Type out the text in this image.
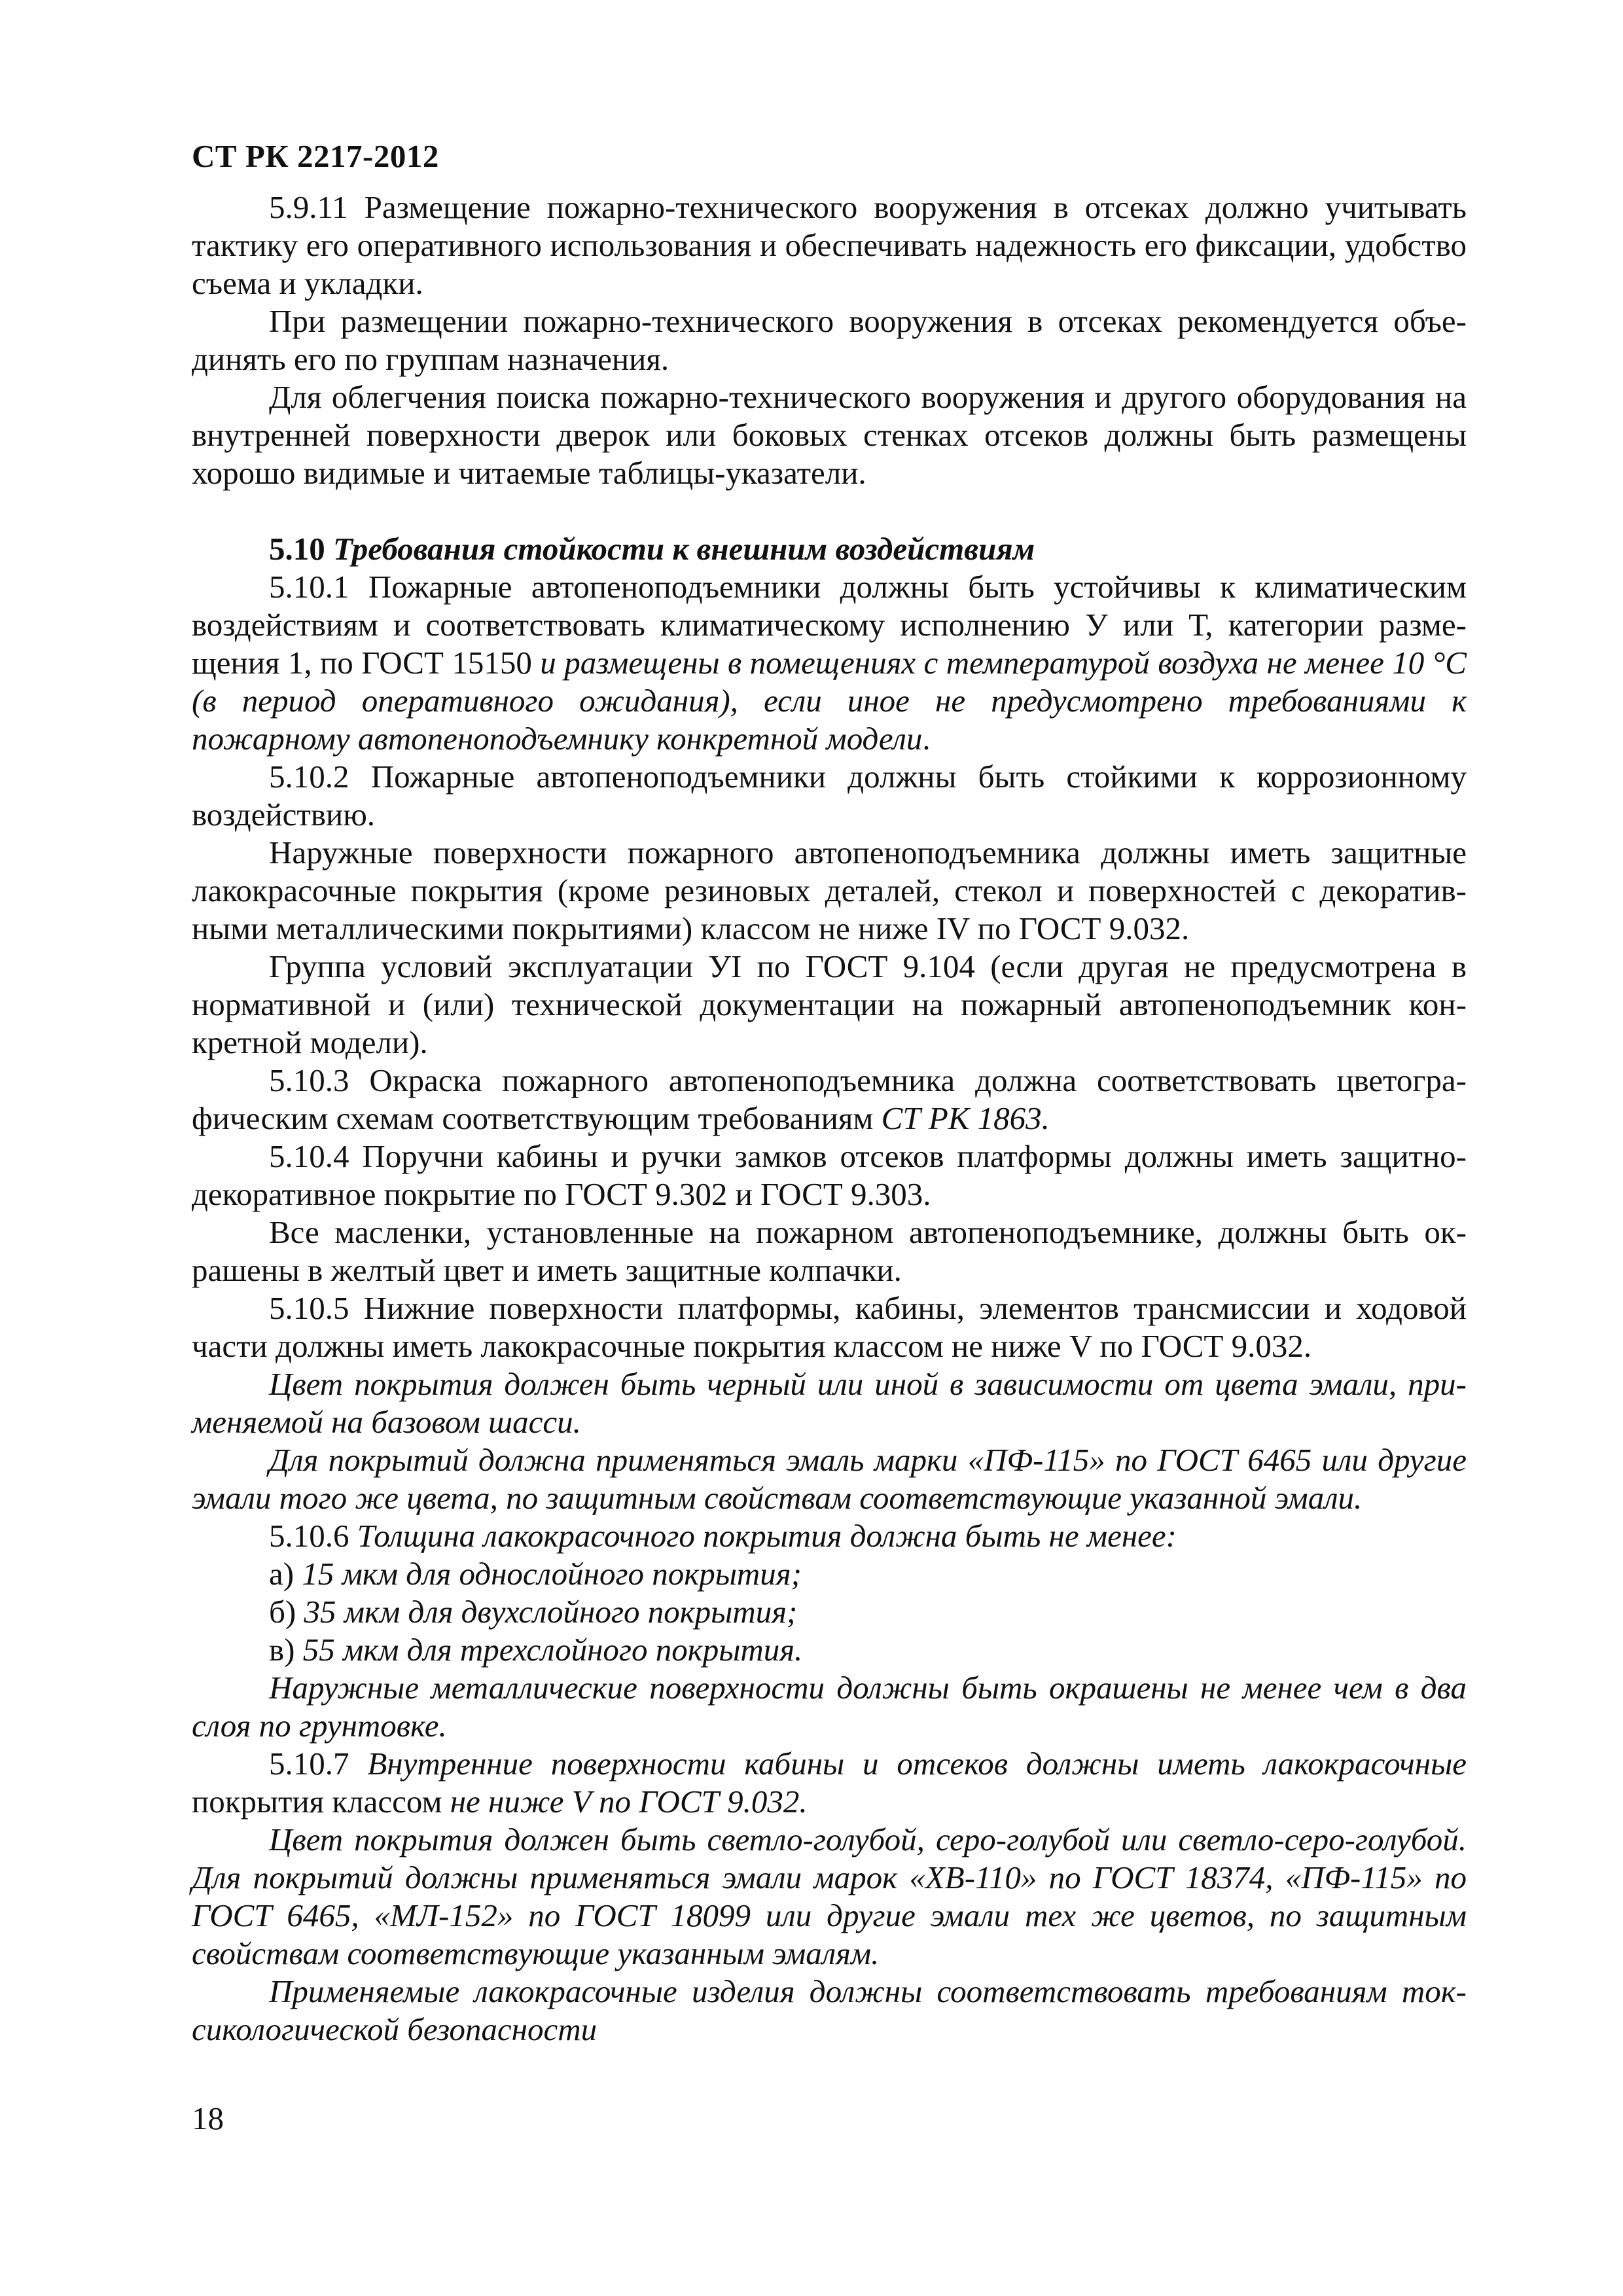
СТ РК 2217-2012

5.9.11 Размещение пожарно-технического вооружения в отсеках должно учитывать тактику его оперативного использования и обеспечивать надежность его фиксации, удобство съема и укладки.

При размещении пожарно-технического вооружения в отсеках рекомендуется объединять его по группам назначения.

Для облегчения поиска пожарно-технического вооружения и другого оборудования на внутренней поверхности дверок или боковых стенках отсеков должны быть размещены хорошо видимые и читаемые таблицы-указатели.

5.10 Требования стойкости к внешним воздействиям

5.10.1 Пожарные автопеноподъемники должны быть устойчивы к климатическим воздействиям и соответствовать климатическому исполнению У или Т, категории размещения 1, по ГОСТ 15150 и размещены в помещениях с температурой воздуха не менее 10 °С (в период оперативного ожидания), если иное не предусмотрено требованиями к пожарному автопеноподъемнику конкретной модели.

5.10.2 Пожарные автопеноподъемники должны быть стойкими к коррозионному воздействию.

Наружные поверхности пожарного автопеноподъемника должны иметь защитные лакокрасочные покрытия (кроме резиновых деталей, стекол и поверхностей с декоративными металлическими покрытиями) классом не ниже IV по ГОСТ 9.032.

Группа условий эксплуатации УI по ГОСТ 9.104 (если другая не предусмотрена в нормативной и (или) технической документации на пожарный автопеноподъемник конкретной модели).

5.10.3 Окраска пожарного автопеноподъемника должна соответствовать цветографическим схемам соответствующим требованиям СТ РК 1863.

5.10.4 Поручни кабины и ручки замков отсеков платформы должны иметь защитно-декоративное покрытие по ГОСТ 9.302 и ГОСТ 9.303.

Все масленки, установленные на пожарном автопеноподъемнике, должны быть окрашены в желтый цвет и иметь защитные колпачки.

5.10.5 Нижние поверхности платформы, кабины, элементов трансмиссии и ходовой части должны иметь лакокрасочные покрытия классом не ниже V по ГОСТ 9.032.

Цвет покрытия должен быть черный или иной в зависимости от цвета эмали, применяемой на базовом шасси.

Для покрытий должна применяться эмаль марки «ПФ-115» по ГОСТ 6465 или другие эмали того же цвета, по защитным свойствам соответствующие указанной эмали.

5.10.6 Толщина лакокрасочного покрытия должна быть не менее:

а) 15 мкм для однослойного покрытия;

б) 35 мкм для двухслойного покрытия;

в) 55 мкм для трехслойного покрытия.

Наружные металлические поверхности должны быть окрашены не менее чем в два слоя по грунтовке.

5.10.7 Внутренние поверхности кабины и отсеков должны иметь лакокрасочные покрытия классом не ниже V по ГОСТ 9.032.

Цвет покрытия должен быть светло-голубой, серо-голубой или светло-серо-голубой. Для покрытий должны применяться эмали марок «ХВ-110» по ГОСТ 18374, «ПФ-115» по ГОСТ 6465, «МЛ-152» по ГОСТ 18099 или другие эмали тех же цветов, по защитным свойствам соответствующие указанным эмалям.

Применяемые лакокрасочные изделия должны соответствовать требованиям токсикологической безопасности

18
